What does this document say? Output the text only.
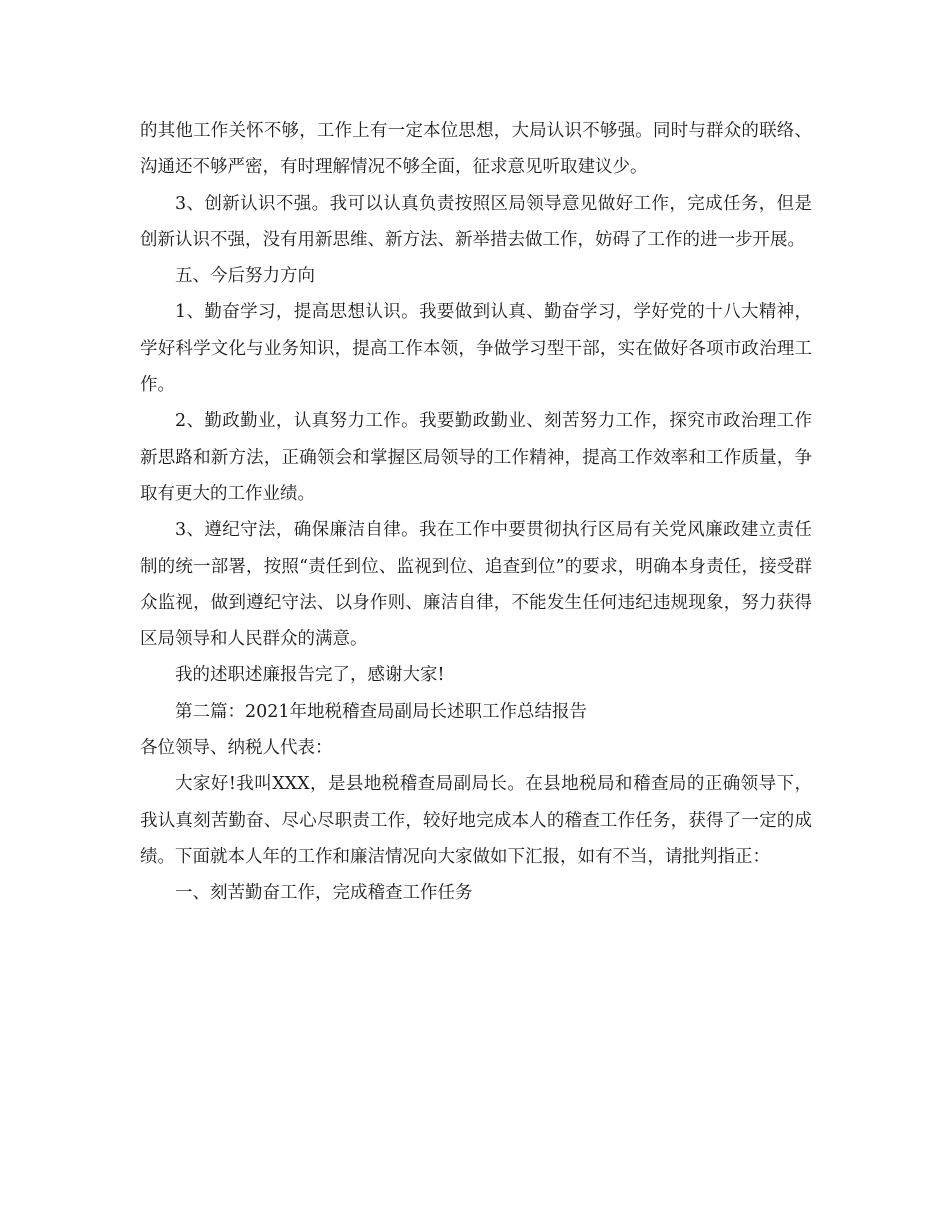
的其他工作关怀不够，工作上有一定本位思想，大局认识不够强。同时与群众的联络、沟通还不够严密，有时理解情况不够全面，征求意见听取建议少。

3、创新认识不强。我可以认真负责按照区局领导意见做好工作，完成任务，但是创新认识不强，没有用新思维、新方法、新举措去做工作，妨碍了工作的进一步开展。

五、今后努力方向

1、勤奋学习，提高思想认识。我要做到认真、勤奋学习，学好党的十八大精神，学好科学文化与业务知识，提高工作本领，争做学习型干部，实在做好各项市政治理工作。

2、勤政勤业，认真努力工作。我要勤政勤业、刻苦努力工作，探究市政治理工作新思路和新方法，正确领会和掌握区局领导的工作精神，提高工作效率和工作质量，争取有更大的工作业绩。

3、遵纪守法，确保廉洁自律。我在工作中要贯彻执行区局有关党风廉政建立责任制的统一部署，按照“责任到位、监视到位、追查到位”的要求，明确本身责任，接受群众监视，做到遵纪守法、以身作则、廉洁自律，不能发生任何违纪违规现象，努力获得区局领导和人民群众的满意。

我的述职述廉报告完了，感谢大家!

第二篇：2021年地税稽查局副局长述职工作总结报告

各位领导、纳税人代表：

大家好!我叫XXX，是县地税稽查局副局长。在县地税局和稽查局的正确领导下，我认真刻苦勤奋、尽心尽职责工作，较好地完成本人的稽查工作任务，获得了一定的成绩。下面就本人年的工作和廉洁情况向大家做如下汇报，如有不当，请批判指正：

一、刻苦勤奋工作，完成稽查工作任务
